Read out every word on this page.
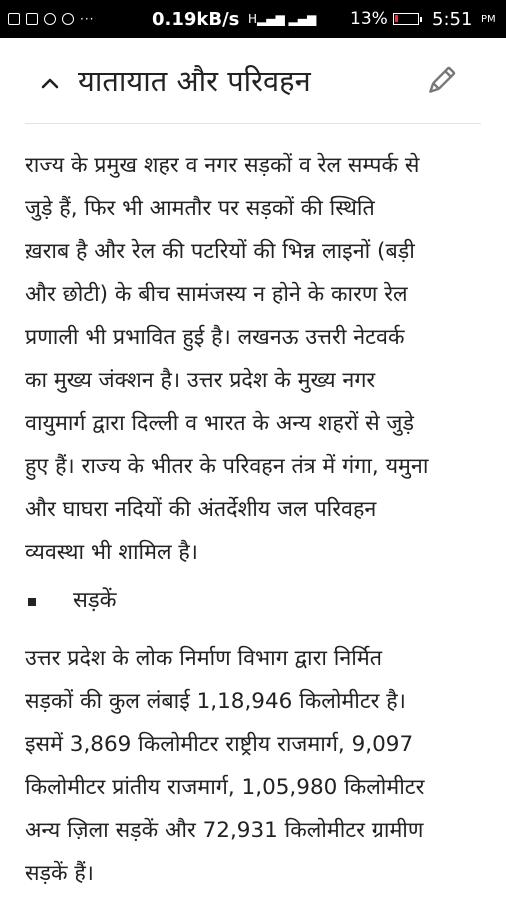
···	0.19kB/s H▂▄▆ ▂▄▆ 13% 5:51 PM
यातायात और परिवहन
राज्य के प्रमुख शहर व नगर सड़कों व रेल सम्पर्क से
जुड़े हैं, फिर भी आमतौर पर सड़कों की स्थिति
ख़राब है और रेल की पटरियों की भिन्न लाइनों (बड़ी
और छोटी) के बीच सामंजस्य न होने के कारण रेल
प्रणाली भी प्रभावित हुई है। लखनऊ उत्तरी नेटवर्क
का मुख्य जंक्शन है। उत्तर प्रदेश के मुख्य नगर
वायुमार्ग द्वारा दिल्ली व भारत के अन्य शहरों से जुड़े
हुए हैं। राज्य के भीतर के परिवहन तंत्र में गंगा, यमुना
और घाघरा नदियों की अंतर्देशीय जल परिवहन
व्यवस्था भी शामिल है।
सड़कें
उत्तर प्रदेश के लोक निर्माण विभाग द्वारा निर्मित
सड़कों की कुल लंबाई 1,18,946 किलोमीटर है।
इसमें 3,869 किलोमीटर राष्ट्रीय राजमार्ग, 9,097
किलोमीटर प्रांतीय राजमार्ग, 1,05,980 किलोमीटर
अन्य ज़िला सड़कें और 72,931 किलोमीटर ग्रामीण
सड़कें हैं।
